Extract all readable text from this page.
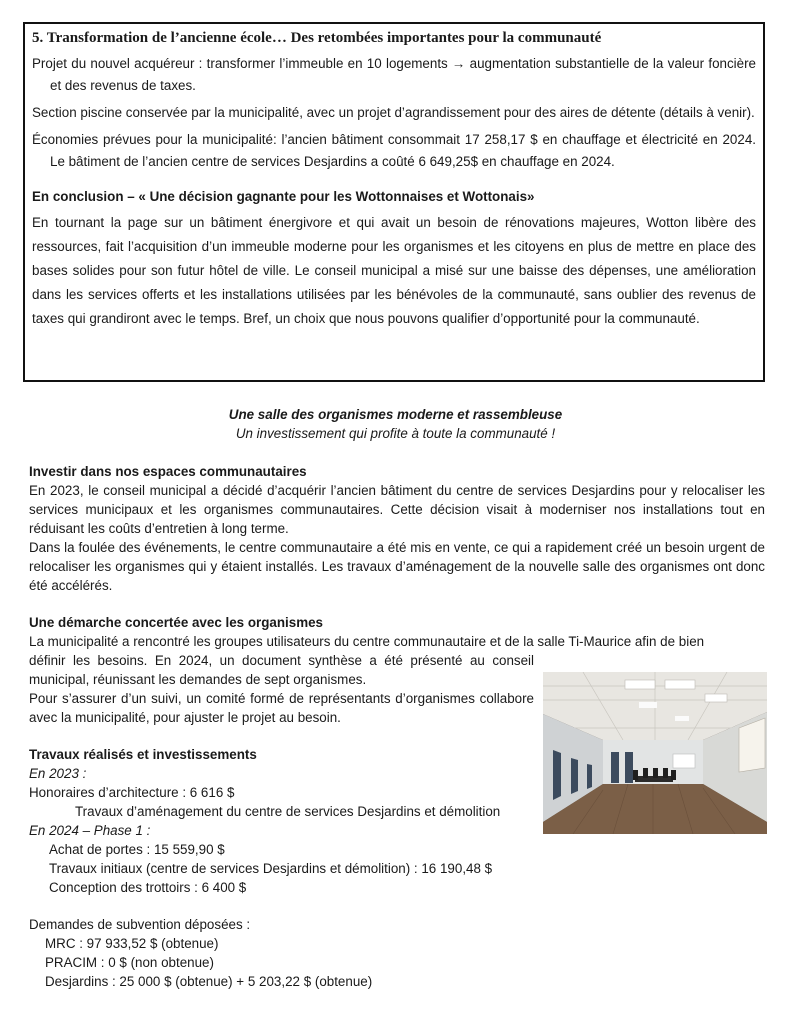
5. Transformation de l’ancienne école… Des retombées importantes pour la communauté

Projet du nouvel acquéreur : transformer l’immeuble en 10 logements → augmentation substantielle de la valeur foncière et des revenus de taxes.

Section piscine conservée par la municipalité, avec un projet d’agrandissement pour des aires de détente (détails à venir).

Économies prévues pour la municipalité: l’ancien bâtiment consommait 17 258,17 $ en chauffage et électricité en 2024. Le bâtiment de l’ancien centre de services Desjardins a coûté 6 649,25$ en chauffage en 2024.

En conclusion – « Une décision gagnante pour les Wottonnaises et Wottonais»

En tournant la page sur un bâtiment énergivore et qui avait un besoin de rénovations majeures, Wotton libère des ressources, fait l’acquisition d’un immeuble moderne pour les organismes et les citoyens en plus de mettre en place des bases solides pour son futur hôtel de ville. Le conseil municipal a misé sur une baisse des dépenses, une amélioration dans les services offerts et les installations utilisées par les bénévoles de la communauté, sans oublier des revenus de taxes qui grandiront avec le temps. Bref, un choix que nous pouvons qualifier d’opportunité pour la communauté.

Une salle des organismes moderne et rassembleuse

Un investissement qui profite à toute la communauté !

Investir dans nos espaces communautaires

En 2023, le conseil municipal a décidé d’acquérir l’ancien bâtiment du centre de services Desjardins pour y relocaliser les services municipaux et les organismes communautaires. Cette décision visait à moderniser nos installations tout en réduisant les coûts d’entretien à long terme.

Dans la foulée des événements, le centre communautaire a été mis en vente, ce qui a rapidement créé un besoin urgent de relocaliser les organismes qui y étaient installés. Les travaux d’aménagement de la nouvelle salle des organismes ont donc été accélérés.

Une démarche concertée avec les organismes

La municipalité a rencontré les groupes utilisateurs du centre communautaire et de la salle Ti-Maurice afin de bien

définir les besoins. En 2024, un document synthèse a été présenté au conseil municipal, réunissant les demandes de sept organismes.

Pour s’assurer d’un suivi, un comité formé de représentants d’organismes collabore avec la municipalité, pour ajuster le projet au besoin.

Travaux réalisés et investissements

En 2023 :

Honoraires d’architecture : 6 616 $

Travaux d’aménagement du centre de services Desjardins et démolition

En 2024 – Phase 1 :

Achat de portes : 15 559,90 $

Travaux initiaux (centre de services Desjardins et démolition) : 16 190,48 $

Conception des trottoirs : 6 400 $

Demandes de subvention déposées :

MRC : 97 933,52 $ (obtenue)

PRACIM : 0 $ (non obtenue)

Desjardins : 25 000 $ (obtenue) + 5 203,22 $ (obtenue)
